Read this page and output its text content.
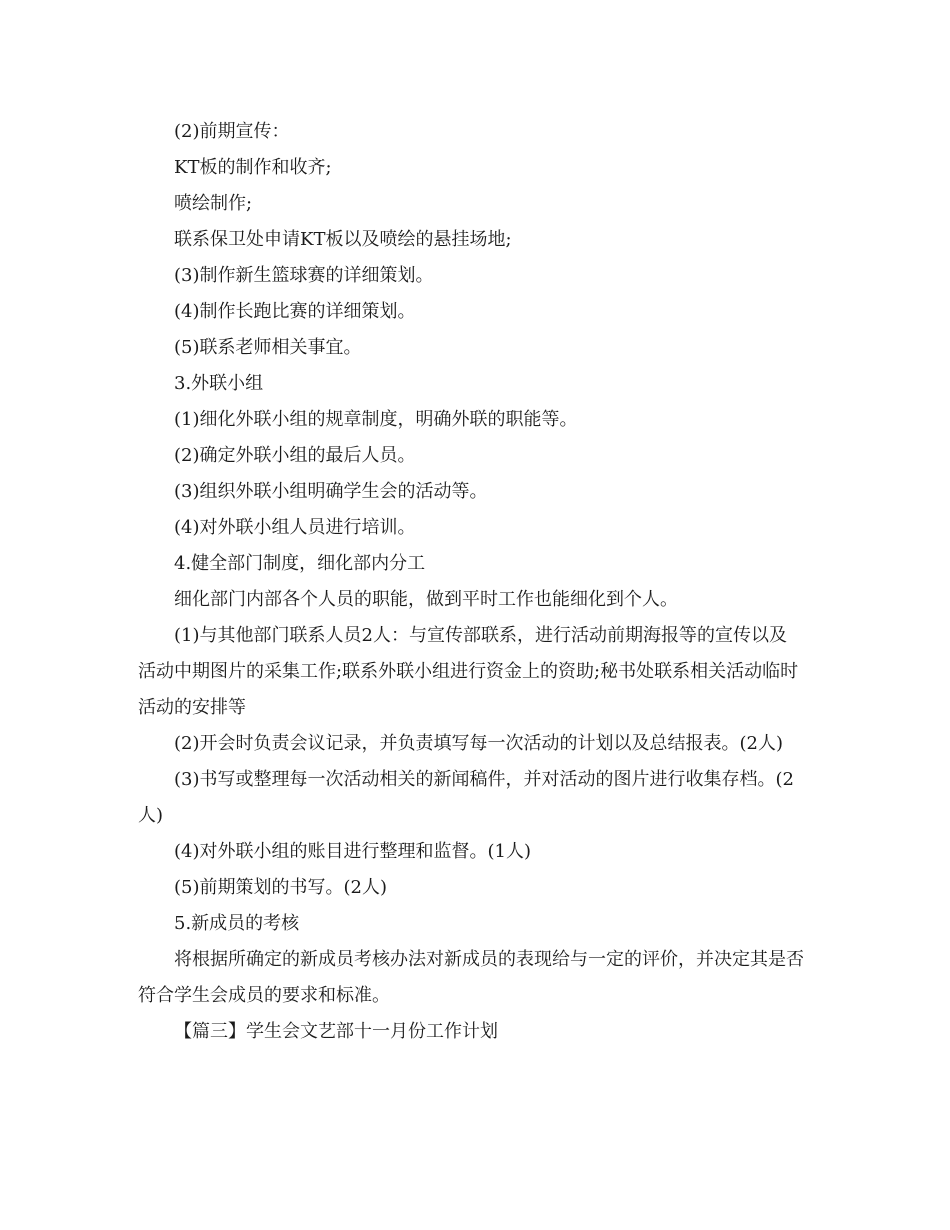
(2)前期宣传：

KT板的制作和收齐;

喷绘制作;

联系保卫处申请KT板以及喷绘的悬挂场地;

(3)制作新生篮球赛的详细策划。

(4)制作长跑比赛的详细策划。

(5)联系老师相关事宜。

3.外联小组

(1)细化外联小组的规章制度，明确外联的职能等。

(2)确定外联小组的最后人员。

(3)组织外联小组明确学生会的活动等。

(4)对外联小组人员进行培训。

4.健全部门制度，细化部内分工

细化部门内部各个人员的职能，做到平时工作也能细化到个人。

(1)与其他部门联系人员2人：与宣传部联系，进行活动前期海报等的宣传以及活动中期图片的采集工作;联系外联小组进行资金上的资助;秘书处联系相关活动临时活动的安排等

(2)开会时负责会议记录，并负责填写每一次活动的计划以及总结报表。(2人)

(3)书写或整理每一次活动相关的新闻稿件，并对活动的图片进行收集存档。(2人)

(4)对外联小组的账目进行整理和监督。(1人)

(5)前期策划的书写。(2人)

5.新成员的考核

将根据所确定的新成员考核办法对新成员的表现给与一定的评价，并决定其是否符合学生会成员的要求和标准。

【篇三】学生会文艺部十一月份工作计划
